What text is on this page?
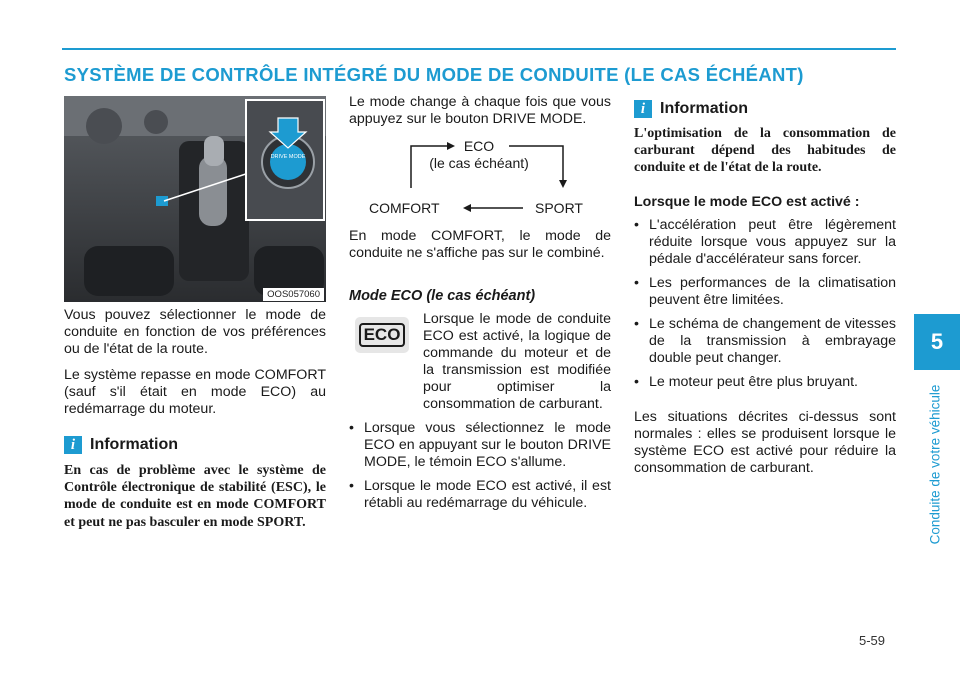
SYSTÈME DE CONTRÔLE INTÉGRÉ DU MODE DE CONDUITE (LE CAS ÉCHÉANT)
5
Conduite de votre véhicule
DRIVE MODE
OOS057060

Vous pouvez sélectionner le mode de conduite en fonction de vos préférences ou de l'état de la route.

Le système repasse en mode COMFORT (sauf s'il était en mode ECO) au redémarrage du moteur.

i Information

En cas de problème avec le système de Contrôle électronique de stabilité (ESC), le mode de conduite est en mode COMFORT et peut ne pas basculer en mode SPORT.

Le mode change à chaque fois que vous appuyez sur le bouton DRIVE MODE.

ECO
(le cas échéant)
COMFORT	SPORT

En mode COMFORT, le mode de conduite ne s'affiche pas sur le combiné.

Mode ECO (le cas échéant)

ECO

Lorsque le mode de conduite ECO est activé, la logique de commande du moteur et de la transmission est modifiée pour optimiser la consommation de carburant.

• Lorsque vous sélectionnez le mode ECO en appuyant sur le bouton DRIVE MODE, le témoin ECO s'allume.

• Lorsque le mode ECO est activé, il est rétabli au redémarrage du véhicule.

i Information

L'optimisation de la consommation de carburant dépend des habitudes de conduite et de l'état de la route.

Lorsque le mode ECO est activé :

• L'accélération peut être légèrement réduite lorsque vous appuyez sur la pédale d'accélérateur sans forcer.

• Les performances de la climatisation peuvent être limitées.

• Le schéma de changement de vitesses de la transmission à embrayage double peut changer.

• Le moteur peut être plus bruyant.

Les situations décrites ci-dessus sont normales : elles se produisent lorsque le système ECO est activé pour réduire la consommation de carburant.

5-59
